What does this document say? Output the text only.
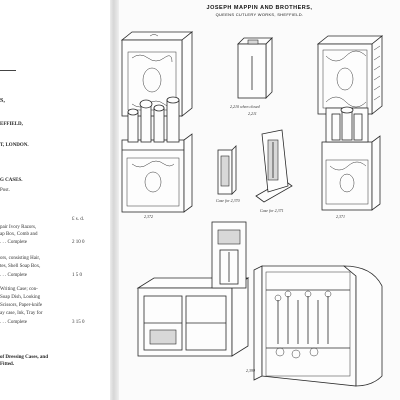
S,
EFFIELD,
T, LONDON.
G CASES.
Post.
£ s. d.
pair Ivory Razors,
ap Box, Comb and
. . . Complete	2 10 0
ors, consisting Hair,
tes, Shell Soap Box,
. . . Complete	1 5 0
Writing Case; con-
Soap Dish, Looking
Scissors, Paper-knife
ay case, Ink, Tray for
. . . Complete	3 15 0
of Dressing Cases, and
Fitted.
JOSEPH MAPPIN AND BROTHERS,
QUEENS CUTLERY WORKS, SHEFFIELD.
2,210 when closed
2,211
2,372
Case for 2,370
Case for 2,371
2,371
2,399
